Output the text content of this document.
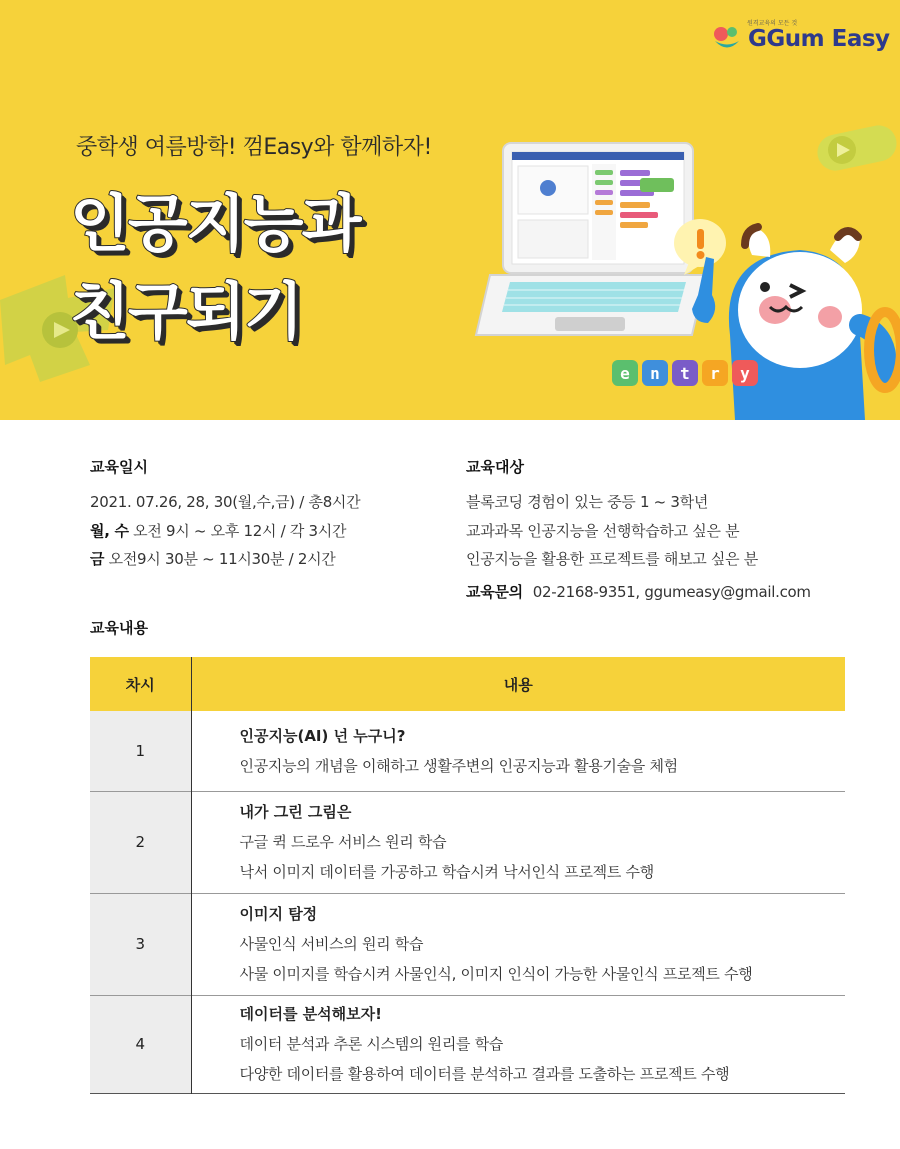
원격교육의 모든 것
GGum Easy
중학생 여름방학! 껌Easy와 함께하자!
인공지능과
친구되기
e	n	t	r	y
교육일시
2021. 07.26, 28, 30(월,수,금) / 총8시간
월, 수 오전 9시 ~ 오후 12시 / 각 3시간
금 오전9시 30분 ~ 11시30분 / 2시간
교육대상
블록코딩 경험이 있는 중등 1 ~ 3학년
교과과목 인공지능을 선행학습하고 싶은 분
인공지능을 활용한 프로젝트를 해보고 싶은 분
교육문의 02-2168-9351, ggumeasy@gmail.com
교육내용
차시	내용
1	인공지능(AI) 넌 누구니?
인공지능의 개념을 이해하고 생활주변의 인공지능과 활용기술을 체험

2	내가 그린 그림은
구글 퀵 드로우 서비스 원리 학습
낙서 이미지 데이터를 가공하고 학습시켜 낙서인식 프로젝트 수행

3	이미지 탐정
사물인식 서비스의 원리 학습
사물 이미지를 학습시켜 사물인식, 이미지 인식이 가능한 사물인식 프로젝트 수행

4	데이터를 분석해보자!
데이터 분석과 추론 시스템의 원리를 학습
다양한 데이터를 활용하여 데이터를 분석하고 결과를 도출하는 프로젝트 수행
